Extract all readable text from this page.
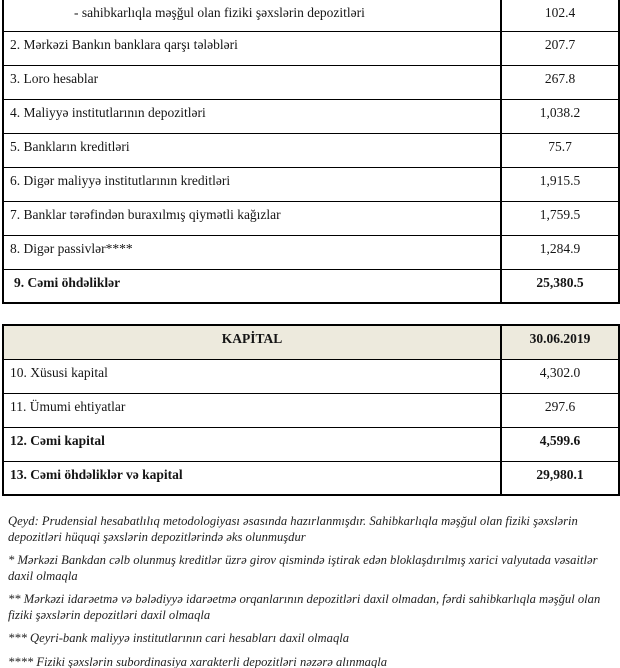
- sahibkarlıqla məşğul olan fiziki şəxslərin depozitləri	102.4
2. Mərkəzi Bankın banklara qarşı tələbləri	207.7
3. Loro hesablar	267.8
4. Maliyyə institutlarının depozitləri	1,038.2
5. Bankların kreditləri	75.7
6. Digər maliyyə institutlarının kreditləri	1,915.5
7. Banklar tərəfindən buraxılmış qiymətli kağızlar	1,759.5
8. Digər passivlər****	1,284.9
9. Cəmi öhdəliklər	25,380.5
KAPİTAL	30.06.2019
10. Xüsusi kapital	4,302.0
11. Ümumi ehtiyatlar	297.6
12. Cəmi kapital	4,599.6
13. Cəmi öhdəliklər və kapital	29,980.1

Qeyd: Prudensial hesabatlılıq metodologiyası əsasında hazırlanmışdır. Sahibkarlıqla məşğul olan fiziki şəxslərin depozitləri hüquqi şəxslərin depozitlərində əks olunmuşdur

* Mərkəzi Bankdan cəlb olunmuş kreditlər üzrə girov qismində iştirak edən bloklaşdırılmış xarici valyutada vəsaitlər daxil olmaqla

** Mərkəzi idarəetmə və bələdiyyə idarəetmə orqanlarının depozitləri daxil olmadan, fərdi sahibkarlıqla məşğul olan fiziki şəxslərin depozitləri daxil olmaqla

*** Qeyri-bank maliyyə institutlarının cari hesabları daxil olmaqla

**** Fiziki şəxslərin subordinasiya xarakterli depozitləri nəzərə alınmaqla
